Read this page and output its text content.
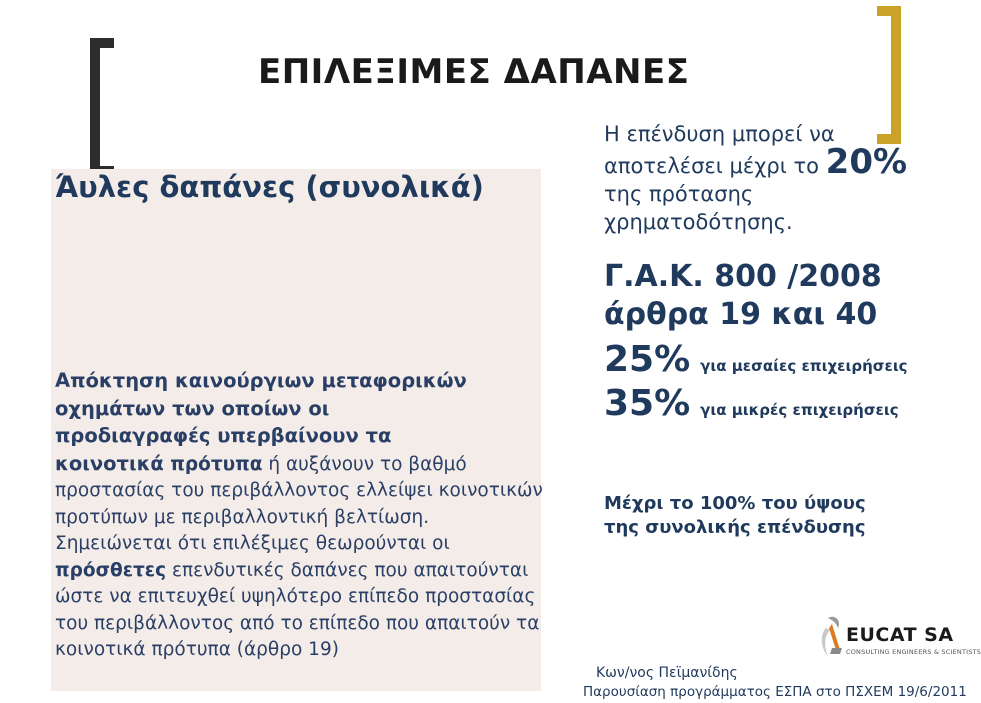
ΕΠΙΛΕΞΙΜΕΣ ΔΑΠΑΝΕΣ
Άυλες δαπάνες (συνολικά)

Απόκτηση καινούργιων μεταφορικών
οχημάτων των οποίων οι
προδιαγραφές υπερβαίνουν τα
κοινοτικά πρότυπα ή αυξάνουν το βαθμό προστασίας του περιβάλλοντος ελλείψει κοινοτικών προτύπων με περιβαλλοντική βελτίωση. Σημειώνεται ότι επιλέξιμες θεωρούνται οι πρόσθετες επενδυτικές δαπάνες που απαιτούνται ώστε να επιτευχθεί υψηλότερο επίπεδο προστασίας του περιβάλλοντος από το επίπεδο που απαιτούν τα κοινοτικά πρότυπα (άρθρο 19)

Η επένδυση μπορεί να
αποτελέσει μέχρι το 20%
της πρότασης χρηματοδότησης.
Γ.Α.Κ. 800 /2008
άρθρα 19 και 40
25% για μεσαίες επιχειρήσεις
35% για μικρές επιχειρήσεις
Μέχρι το 100% του ύψους
της συνολικής επένδυσης
EUCAT SA
CONSULTING ENGINEERS & SCIENTISTS
Κων/νος Πεϊμανίδης
Παρουσίαση προγράμματος ΕΣΠΑ στο ΠΣΧΕΜ 19/6/2011
